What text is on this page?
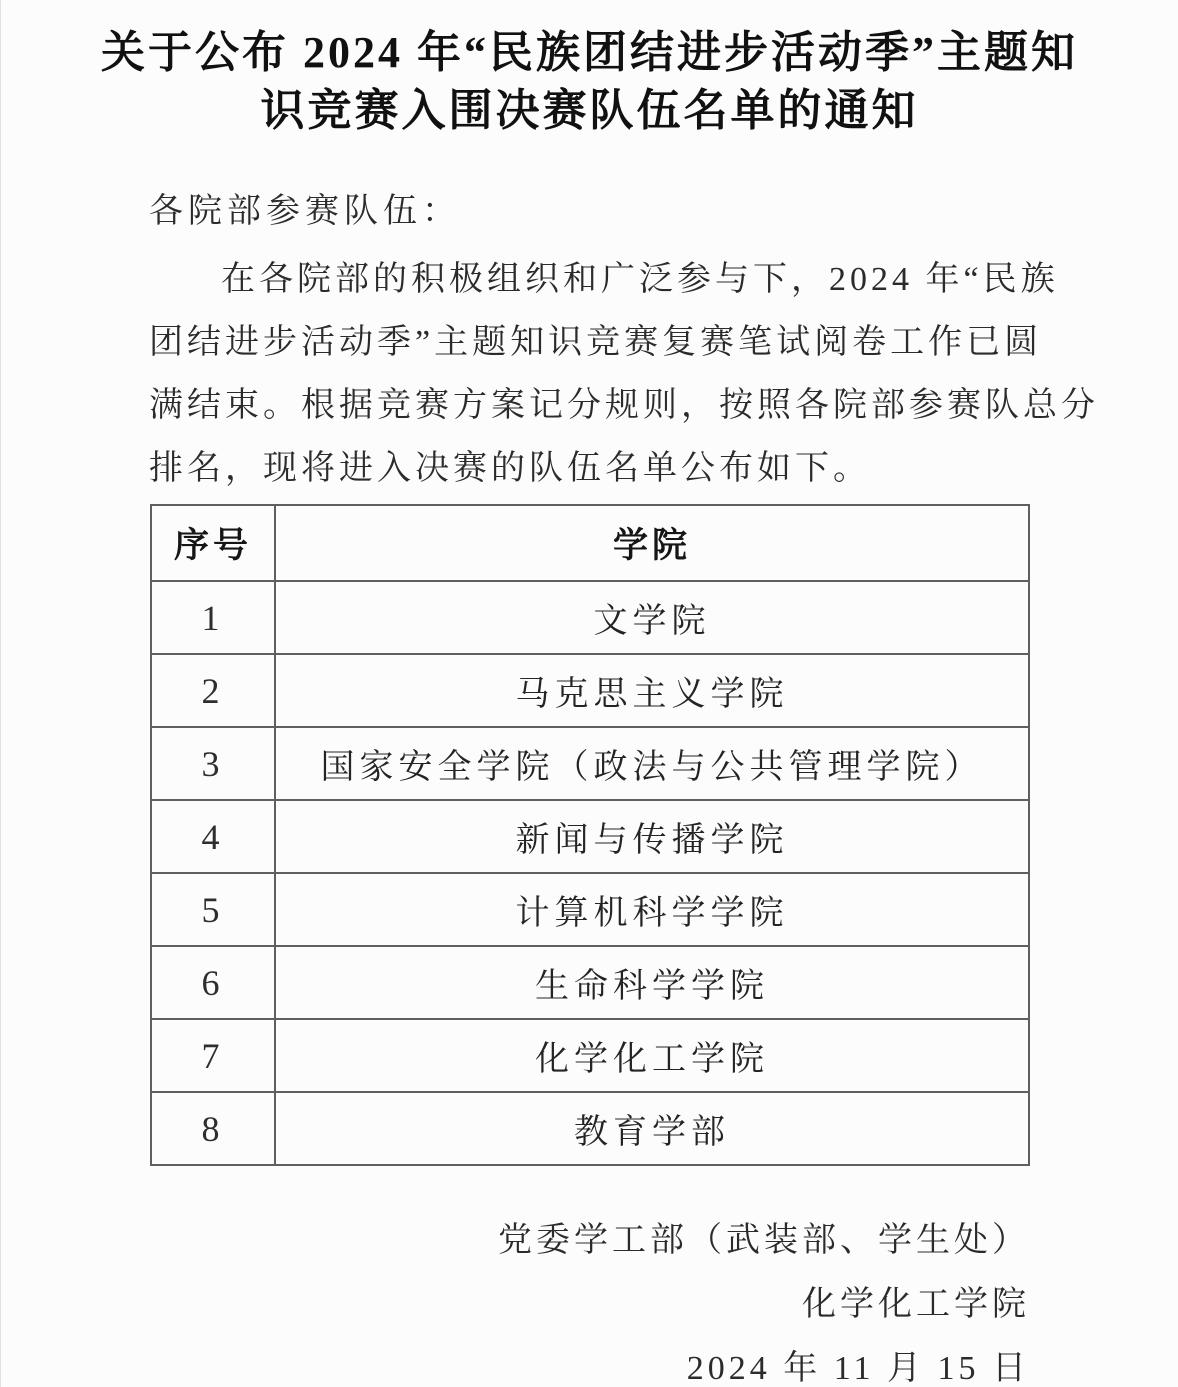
关于公布 2024 年“民族团结进步活动季”主题知
识竞赛入围决赛队伍名单的通知
各院部参赛队伍：
在各院部的积极组织和广泛参与下，2024 年“民族
团结进步活动季”主题知识竞赛复赛笔试阅卷工作已圆
满结束。根据竞赛方案记分规则，按照各院部参赛队总分
排名，现将进入决赛的队伍名单公布如下。
序号	学院
1	文学院
2	马克思主义学院
3	国家安全学院（政法与公共管理学院）
4	新闻与传播学院
5	计算机科学学院
6	生命科学学院
7	化学化工学院
8	教育学部
党委学工部（武装部、学生处）
化学化工学院
2024 年 11 月 15 日
